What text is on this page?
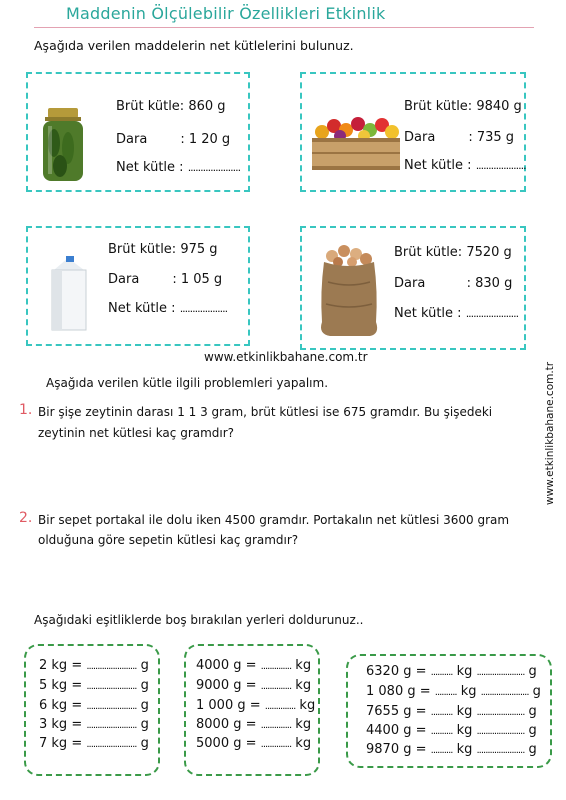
Maddenin Ölçülebilir Özellikleri Etkinlik
Aşağıda verilen maddelerin net kütlelerini bulunuz.
Brüt kütle: 860 g
Dara        : 1 20 g
Net kütle : .....................
Brüt kütle: 9840 g
Dara        : 735 g
Net kütle : ....................
Brüt kütle: 975 g
Dara        : 1 05 g
Net kütle : ...................
Brüt kütle: 7520 g
Dara          : 830 g
Net kütle : .....................
www.etkinlikbahane.com.tr
www.etkinlikbahane.com.tr
Aşağıda verilen kütle ilgili problemleri yapalım.
1. Bir şişe zeytinin darası 1 1 3 gram, brüt kütlesi ise 675 gramdır. Bu şişedeki
zeytinin net kütlesi kaç gramdır?
2. Bir sepet portakal ile dolu iken 4500 gramdır. Portakalın net kütlesi 3600 gram
olduğuna göre sepetin kütlesi kaç gramdır?
Aşağıdaki eşitliklerde boş bırakılan yerleri doldurunuz..
2 kg = ....................... g
5 kg = ....................... g
6 kg = ....................... g
3 kg = ....................... g
7 kg = ....................... g
4000 g = .............. kg
9000 g = .............. kg
1 000 g = .............. kg
8000 g = .............. kg
5000 g = .............. kg
6320 g = .......... kg ...................... g
1 080 g = .......... kg ...................... g
7655 g = .......... kg ...................... g
4400 g = .......... kg ...................... g
9870 g = .......... kg ...................... g
